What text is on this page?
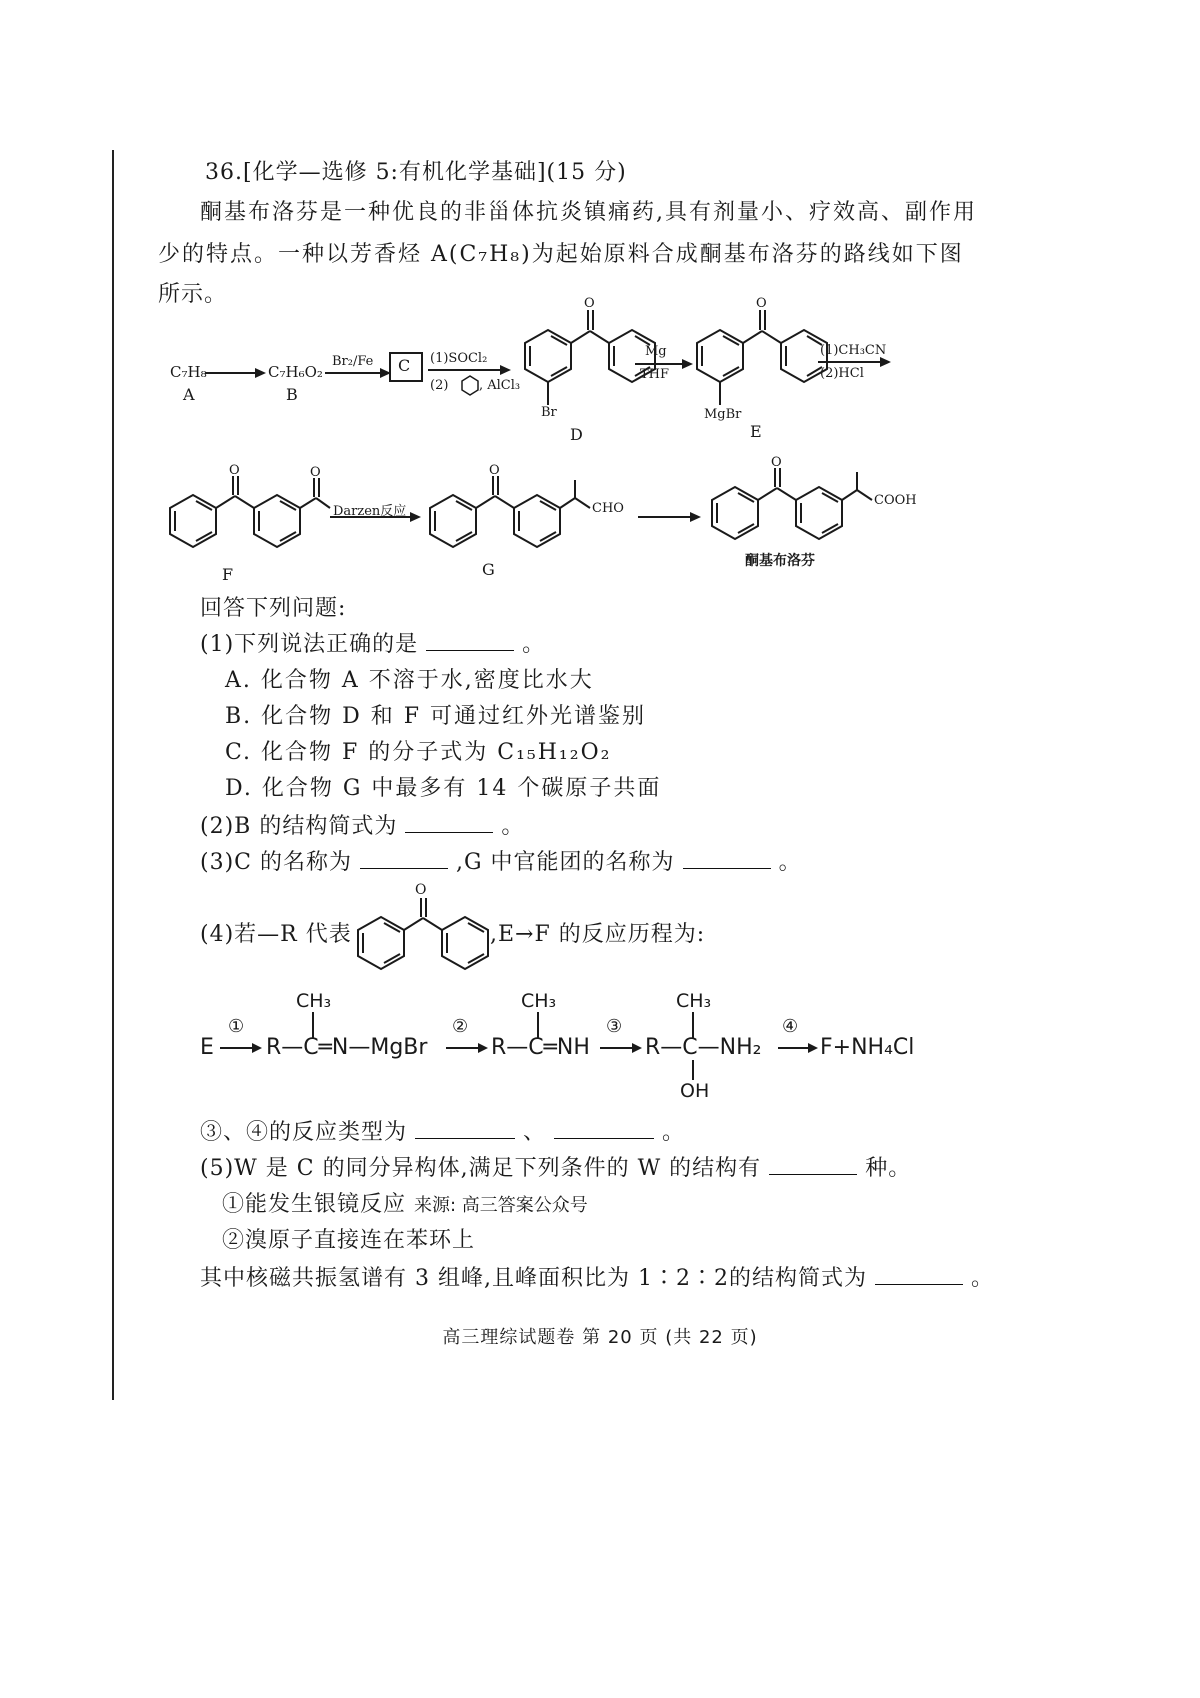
36.[化学—选修 5:有机化学基础](15 分)
酮基布洛芬是一种优良的非甾体抗炎镇痛药,具有剂量小、疗效高、副作用
少的特点。一种以芳香烃 A(C₇H₈)为起始原料合成酮基布洛芬的路线如下图
所示。
C₇H₈
A
C₇H₆O₂
B
Br₂/Fe C (1)SOCl₂
(2) , AlCl₃
O
Br
D
Mg
THF
O
MgBr
E
(1)CH₃CN
(2)HCl
O	O
F
Darzen反应
O
CHO
G
O
COOH
酮基布洛芬
回答下列问题:
(1)下列说法正确的是	。
A. 化合物 A 不溶于水,密度比水大
B. 化合物 D 和 F 可通过红外光谱鉴别
C. 化合物 F 的分子式为 C₁₅H₁₂O₂
D. 化合物 G 中最多有 14 个碳原子共面
(2)B 的结构简式为	。
(3)C 的名称为	,G 中官能团的名称为	。
O
(4)若—R 代表	,E→F 的反应历程为:
E
①
CH₃
R—C═N—MgBr
②
CH₃
R—C═NH
③
CH₃
R—C—NH₂
OH
④
F+NH₄Cl
③、④的反应类型为	、	。
(5)W 是 C 的同分异构体,满足下列条件的 W 的结构有	种。
①能发生银镜反应 来源: 高三答案公众号
②溴原子直接连在苯环上
其中核磁共振氢谱有 3 组峰,且峰面积比为 1∶2∶2的结构简式为	。
高三理综试题卷 第 20 页 (共 22 页)
